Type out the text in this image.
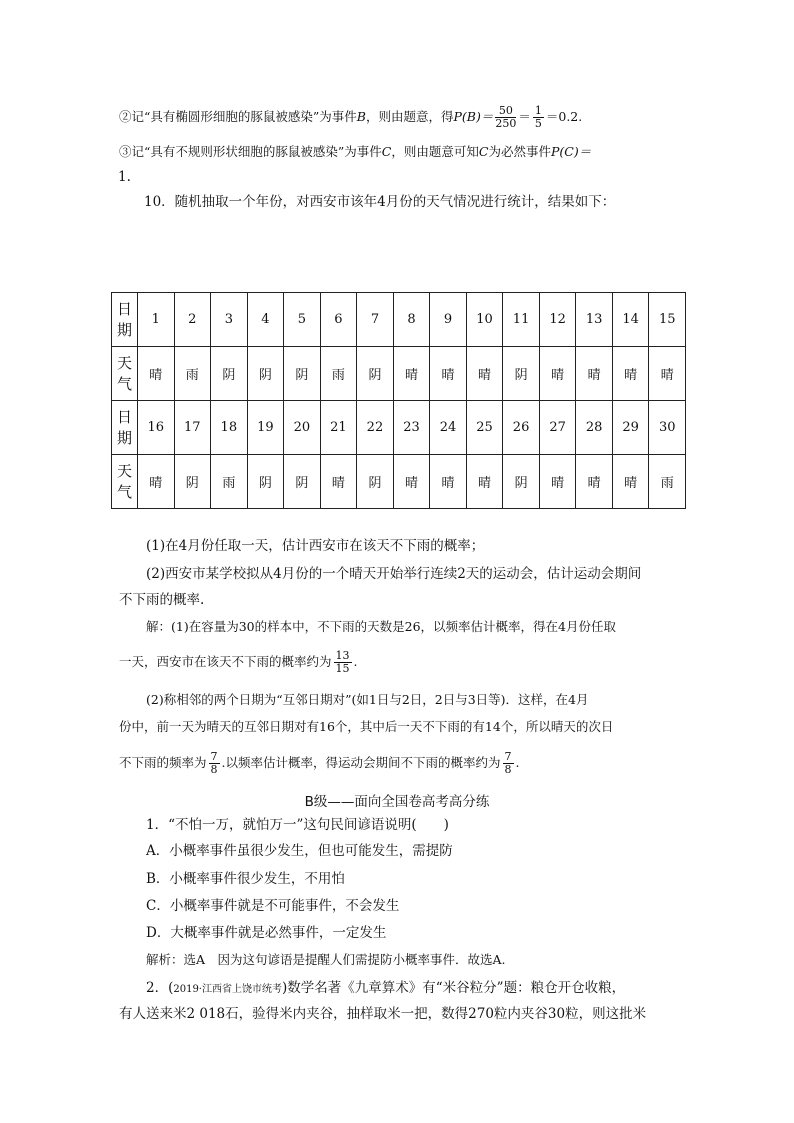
②记“具有椭圆形细胞的豚鼠被感染”为事件B，则由题意，得$P(B)= \frac{50}{250} = \frac{1}{5} =0.2$.
③记“具有不规则形状细胞的豚鼠被感染”为事件C，则由题意可知C为必然事件P(C)＝
1.
10．随机抽取一个年份，对西安市该年4月份的天气情况进行统计，结果如下：
日
期	1	2	3	4	5	6	7	8	9	10	11	12	13	14	15

天
气	晴	雨	阴	阴	阴	雨	阴	晴	晴	晴	阴	晴	晴	晴	晴

日
期	16	17	18	19	20	21	22	23	24	25	26	27	28	29	30

天
气	晴	阴	雨	阴	阴	晴	阴	晴	晴	晴	阴	晴	晴	晴	雨
(1)在4月份任取一天，估计西安市在该天不下雨的概率；
(2)西安市某学校拟从4月份的一个晴天开始举行连续2天的运动会，估计运动会期间
不下雨的概率.
解：(1)在容量为30的样本中，不下雨的天数是26，以频率估计概率，得在4月份任取
一天，西安市在该天不下雨的概率约为 $\frac{13}{15}$ .
(2)称相邻的两个日期为“互邻日期对”(如1日与2日，2日与3日等)．这样，在4月
份中，前一天为晴天的互邻日期对有16个，其中后一天不下雨的有14个，所以晴天的次日
不下雨的频率为 $\frac{7}{8}$ .以频率估计概率，得运动会期间不下雨的概率约为 $\frac{7}{8}$ .
B级——面向全国卷高考高分练
1．“不怕一万，就怕万一”这句民间谚语说明(　　)
A．小概率事件虽很少发生，但也可能发生，需提防
B．小概率事件很少发生，不用怕
C．小概率事件就是不可能事件，不会发生
D．大概率事件就是必然事件，一定发生
解析：选A　因为这句谚语是提醒人们需提防小概率事件．故选A.
2．(2019·江西省上饶市统考)数学名著《九章算术》有“米谷粒分”题：粮仓开仓收粮，
有人送来米2 018石，验得米内夹谷，抽样取米一把，数得270粒内夹谷30粒，则这批米
